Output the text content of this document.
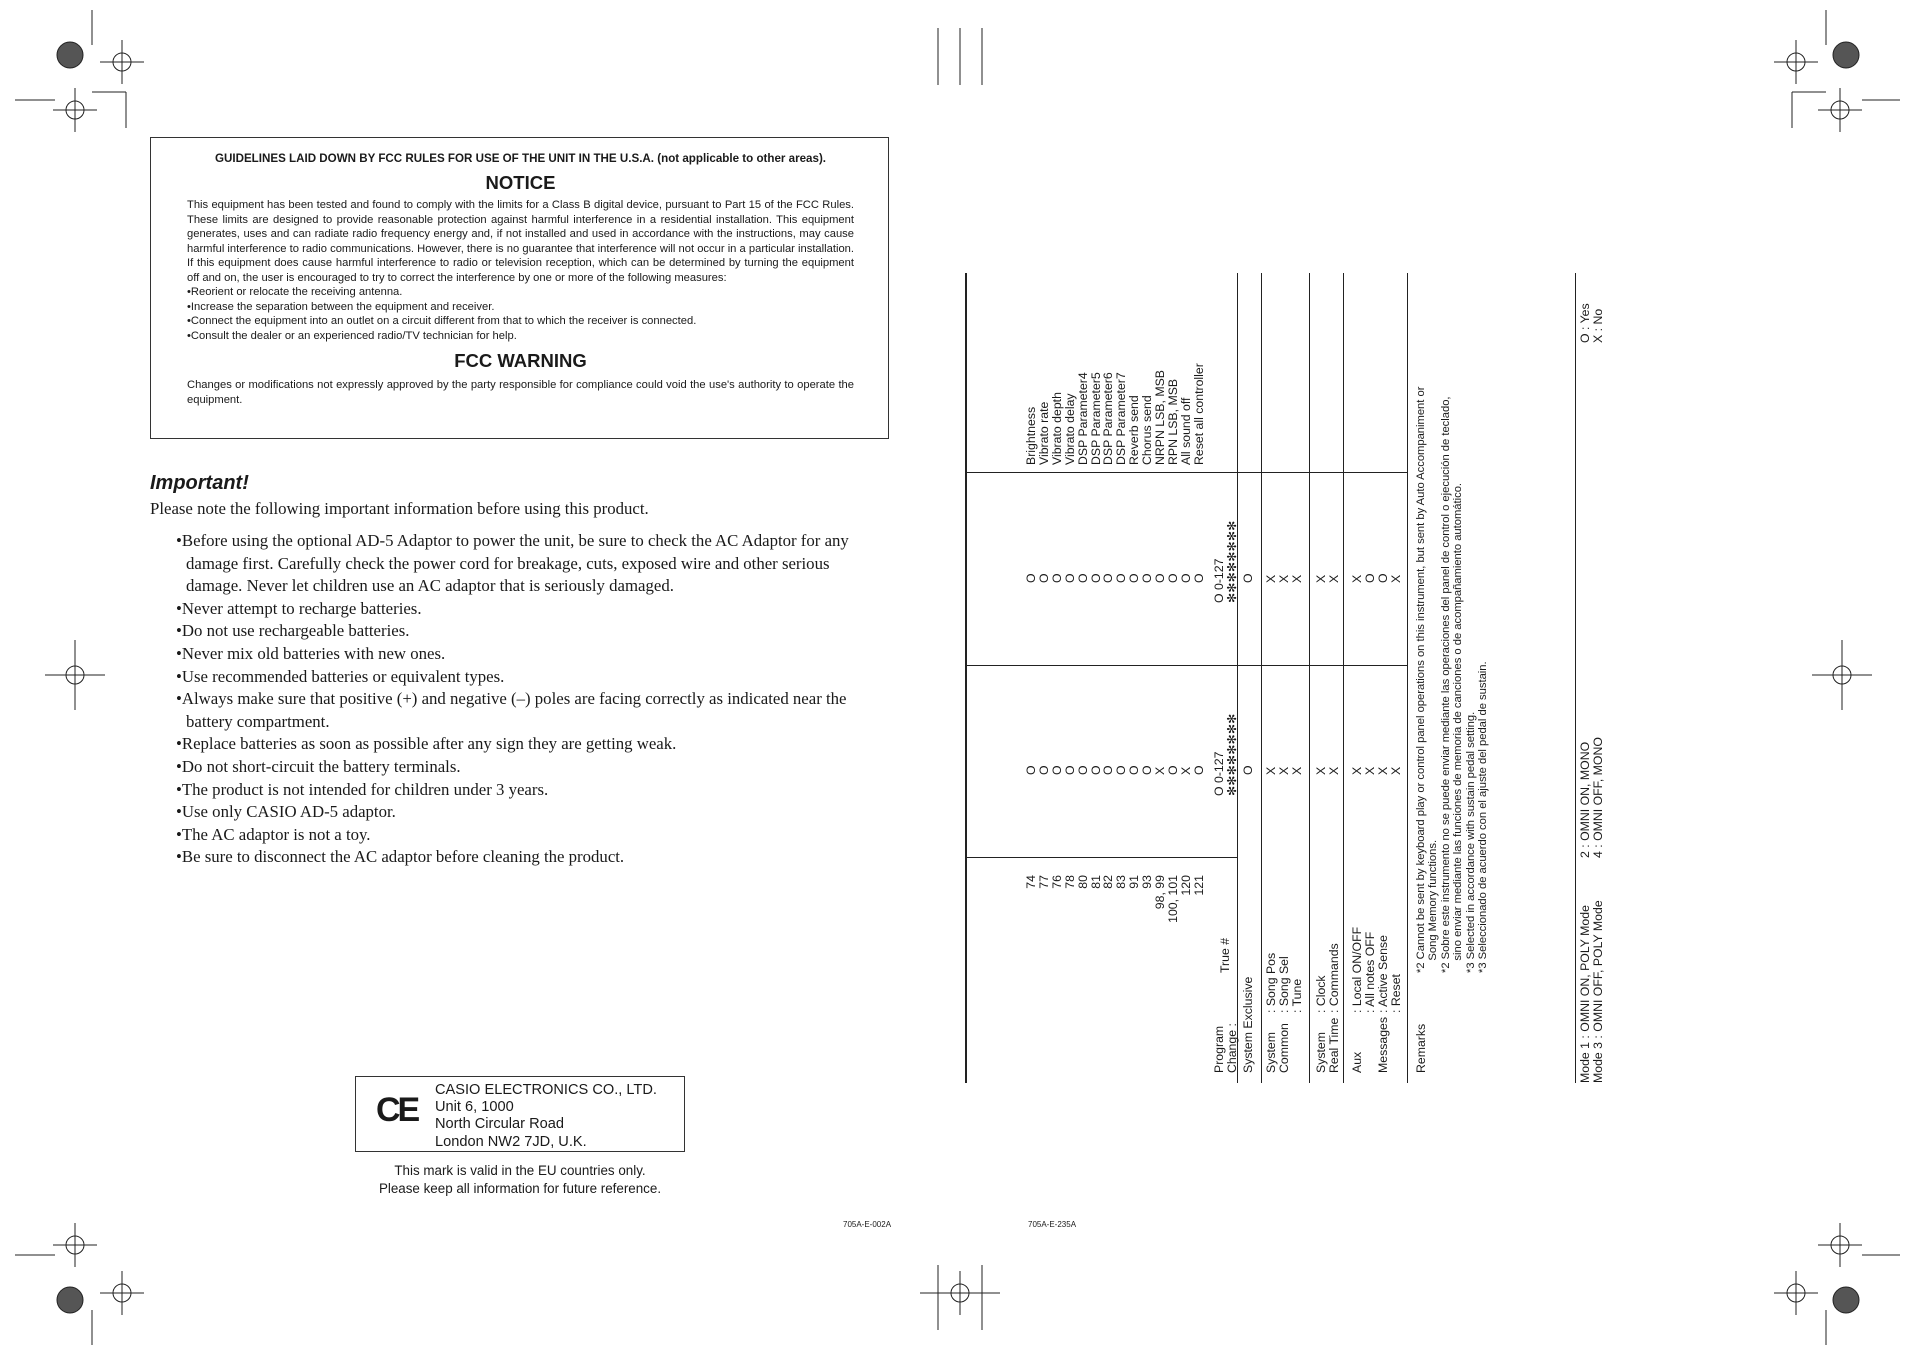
GUIDELINES LAID DOWN BY FCC RULES FOR USE OF THE UNIT IN THE U.S.A. (not applicable to other areas).
NOTICE

This equipment has been tested and found to comply with the limits for a Class B digital device, pursuant to Part 15 of the FCC Rules. These limits are designed to provide reasonable protection against harmful interference in a residential installation. This equipment generates, uses and can radiate radio frequency energy and, if not installed and used in accordance with the instructions, may cause harmful interference to radio communications. However, there is no guarantee that interference will not occur in a particular installation. If this equipment does cause harmful interference to radio or television reception, which can be determined by turning the equipment off and on, the user is encouraged to try to correct the interference by one or more of the following measures:

• Reorient or relocate the receiving antenna.
• Increase the separation between the equipment and receiver.
• Connect the equipment into an outlet on a circuit different from that to which the receiver is connected.
• Consult the dealer or an experienced radio/TV technician for help.
FCC WARNING

Changes or modifications not expressly approved by the party responsible for compliance could void the use's authority to operate the equipment.

Important!
Please note the following important information before using this product.
• Before using the optional AD-5 Adaptor to power the unit, be sure to check the AC Adaptor for any damage first. Carefully check the power cord for breakage, cuts, exposed wire and other serious damage. Never let children use an AC adaptor that is seriously damaged.
• Never attempt to recharge batteries.
• Do not use rechargeable batteries.
• Never mix old batteries with new ones.
• Use recommended batteries or equivalent types.
• Always make sure that positive (+) and negative (–) poles are facing correctly as indicated near the battery compartment.
• Replace batteries as soon as possible after any sign they are getting weak.
• Do not short-circuit the battery terminals.
• The product is not intended for children under 3 years.
• Use only CASIO AD-5 adaptor.
• The AC adaptor is not a toy.
• Be sure to disconnect the AC adaptor before cleaning the product.
CE
CASIO ELECTRONICS CO., LTD.
Unit 6, 1000
North Circular Road
London NW2 7JD, U.K.
This mark is valid in the EU countries only.
Please keep all information for future reference.
705A-E-002A	705A-E-235A
74
77
76
78
80
81
82
83
91
93
98, 99
100, 101
120
121
O
O
O
O
O
O
O
O
O
O
X
O
X
O
O
O
O
O
O
O
O
O
O
O
O
O
O
O
Brightness
Vibrato rate
Vibrato depth
Vibrato delay
DSP Parameter4
DSP Parameter5
DSP Parameter6
DSP Parameter7
Reverb send
Chorus send
NRPN LSB, MSB
RPN LSB, MSB
All sound off
Reset all controller
Program
Change :
True #
O 0-127
✻✻✻✻✻✻✻✻
O 0-127
✻✻✻✻✻✻✻✻
System Exclusive
O
O
System
Common
: Song Pos
: Song Sel
: Tune
X
X
X
X
X
X
System
Real Time
: Clock
: Commands
X
X
X
X
Aux

Messages
: Local ON/OFF
: All notes OFF
: Active Sense
: Reset
X
X
X
X
X
O
O
X
Remarks
*2 Cannot be sent by keyboard play or control panel operations on this instrument, but sent by Auto Accompaniment or
Song Memory functions.
*2 Sobre este instrumento no se puede enviar mediante las operaciones del panel de control o ejecución de teclado,
sino enviar mediante las funciones de memoria de canciones o de acompañamiento automático.
*3 Selected in accordance with sustain pedal setting.
*3 Seleccionado de acuerdo con el ajuste del pedal de sustain.
Mode 1 : OMNI ON, POLY Mode
Mode 3 : OMNI OFF, POLY Mode
2 : OMNI ON, MONO
4 : OMNI OFF, MONO
O : Yes
X : No
